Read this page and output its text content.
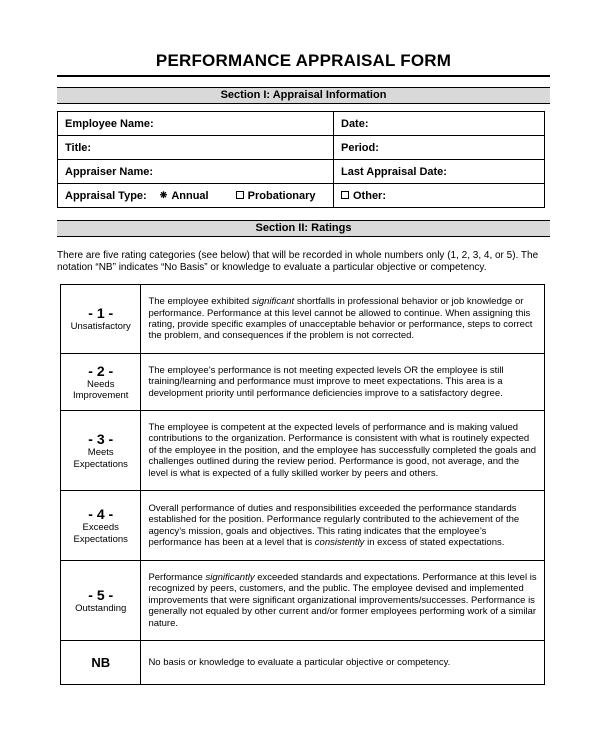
PERFORMANCE APPRAISAL FORM
Section I: Appraisal Information
Employee Name:	Date:
Title:	Period:
Appraiser Name:	Last Appraisal Date:
Appraisal Type: ❋ Annual Probationary	Other:
Section II: Ratings
There are five rating categories (see below) that will be recorded in whole numbers only (1, 2, 3, 4, or 5). The notation “NB” indicates “No Basis” or knowledge to evaluate a particular objective or competency.
- 1 -
Unsatisfactory	The employee exhibited significant shortfalls in professional behavior or job knowledge or performance. Performance at this level cannot be allowed to continue. When assigning this rating, provide specific examples of unacceptable behavior or performance, steps to correct the problem, and consequences if the problem is not corrected.

- 2 -
Needs Improvement	The employee’s performance is not meeting expected levels OR the employee is still training/learning and performance must improve to meet expectations. This area is a development priority until performance deficiencies improve to a satisfactory degree.

- 3 -
Meets Expectations	The employee is competent at the expected levels of performance and is making valued contributions to the organization. Performance is consistent with what is routinely expected of the employee in the position, and the employee has successfully completed the goals and challenges outlined during the review period. Performance is good, not average, and the level is what is expected of a fully skilled worker by peers and others.

- 4 -
Exceeds Expectations	Overall performance of duties and responsibilities exceeded the performance standards established for the position. Performance regularly contributed to the achievement of the agency’s mission, goals and objectives. This rating indicates that the employee’s performance has been at a level that is consistently in excess of stated expectations.

- 5 -
Outstanding	Performance significantly exceeded standards and expectations. Performance at this level is recognized by peers, customers, and the public. The employee devised and implemented improvements that were significant organizational improvements/successes. Performance is generally not equaled by other current and/or former employees performing work of a similar nature.

NB	No basis or knowledge to evaluate a particular objective or competency.
